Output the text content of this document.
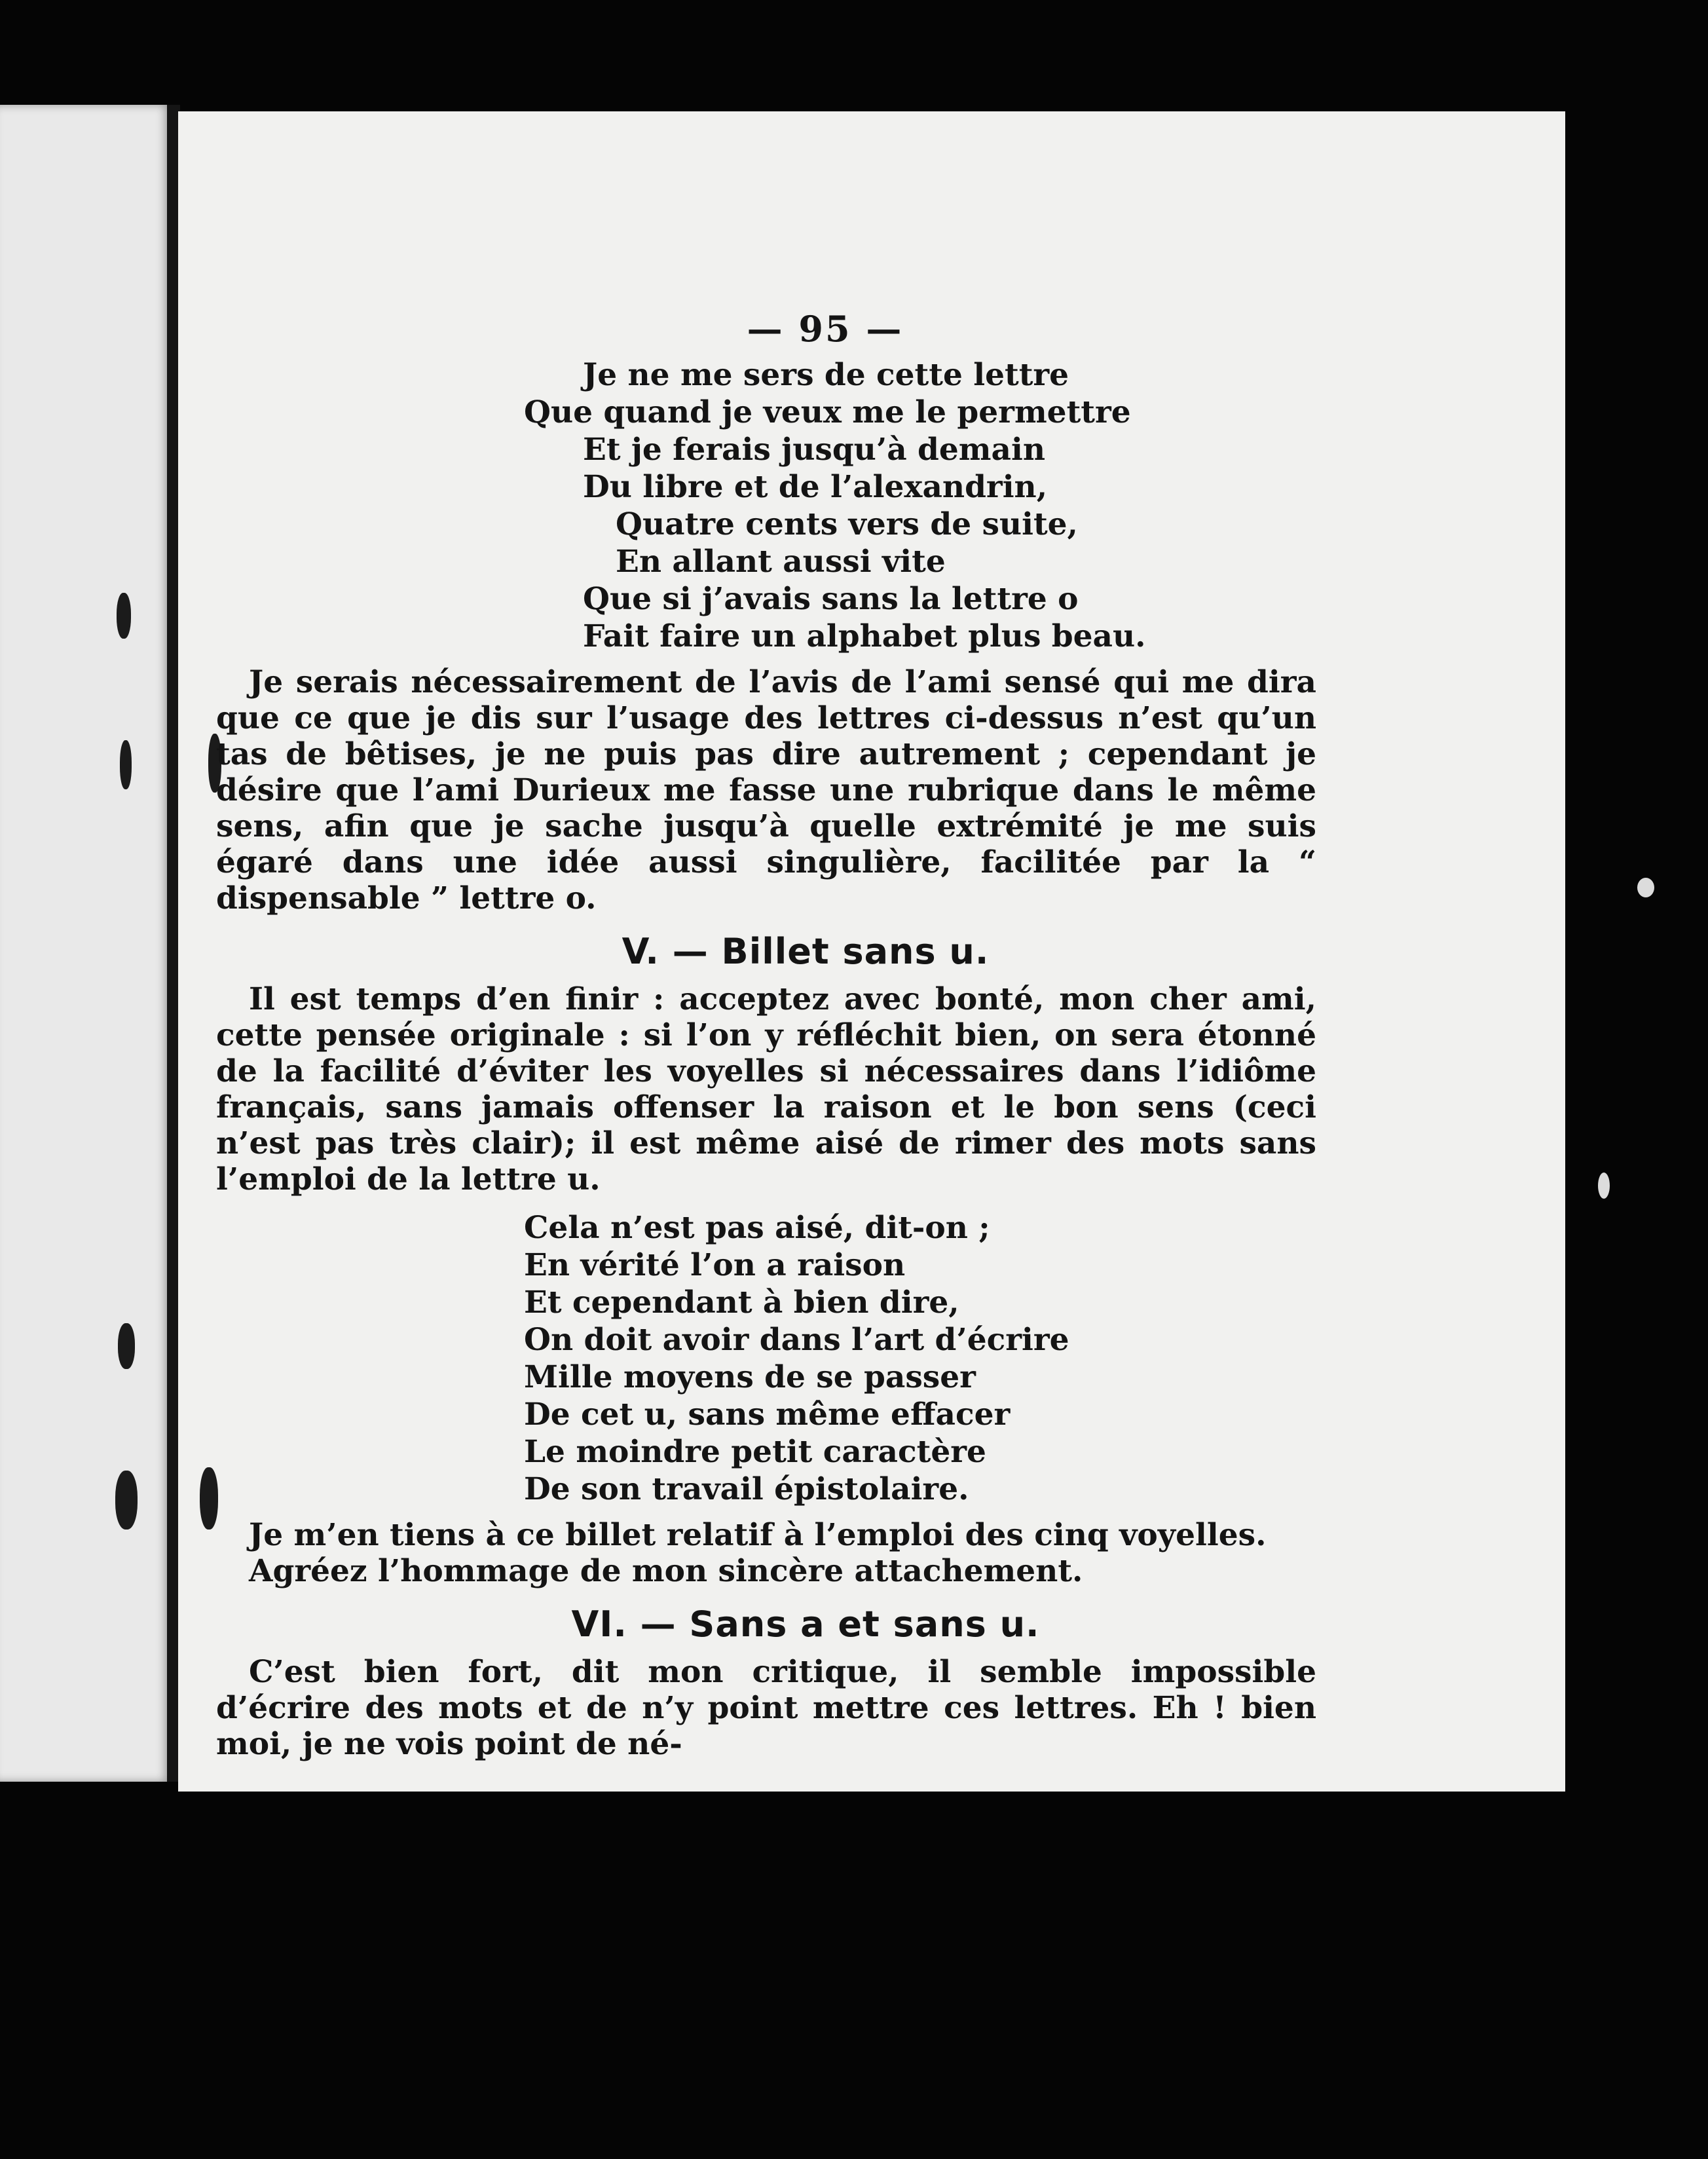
— 95 —
Je ne me sers de cette lettre
Que quand je veux me le permettre
Et je ferais jusqu’à demain
Du libre et de l’alexandrin,
Quatre cents vers de suite,
En allant aussi vite
Que si j’avais sans la lettre o
Fait faire un alphabet plus beau.

Je serais nécessairement de l’avis de l’ami sensé qui me dira que ce que je dis sur l’usage des lettres ci-dessus n’est qu’un tas de bêtises, je ne puis pas dire autrement ; cependant je désire que l’ami Durieux me fasse une rubrique dans le même sens, afin que je sache jusqu’à quelle extrémité je me suis égaré dans une idée aussi singulière, facilitée par la “ dispensable ” lettre o.

V. — Billet sans u.

Il est temps d’en finir : acceptez avec bonté, mon cher ami, cette pensée originale : si l’on y réfléchit bien, on sera étonné de la facilité d’éviter les voyelles si nécessaires dans l’idiôme français, sans jamais offenser la raison et le bon sens (ceci n’est pas très clair); il est même aisé de rimer des mots sans l’emploi de la lettre u.

Cela n’est pas aisé, dit-on ;
En vérité l’on a raison
Et cependant à bien dire,
On doit avoir dans l’art d’écrire
Mille moyens de se passer
De cet u, sans même effacer
Le moindre petit caractère
De son travail épistolaire.

Je m’en tiens à ce billet relatif à l’emploi des cinq voyelles.

Agréez l’hommage de mon sincère attachement.

VI. — Sans a et sans u.

C’est bien fort, dit mon critique, il semble impossible d’écrire des mots et de n’y point mettre ces lettres. Eh ! bien moi, je ne vois point de né-
